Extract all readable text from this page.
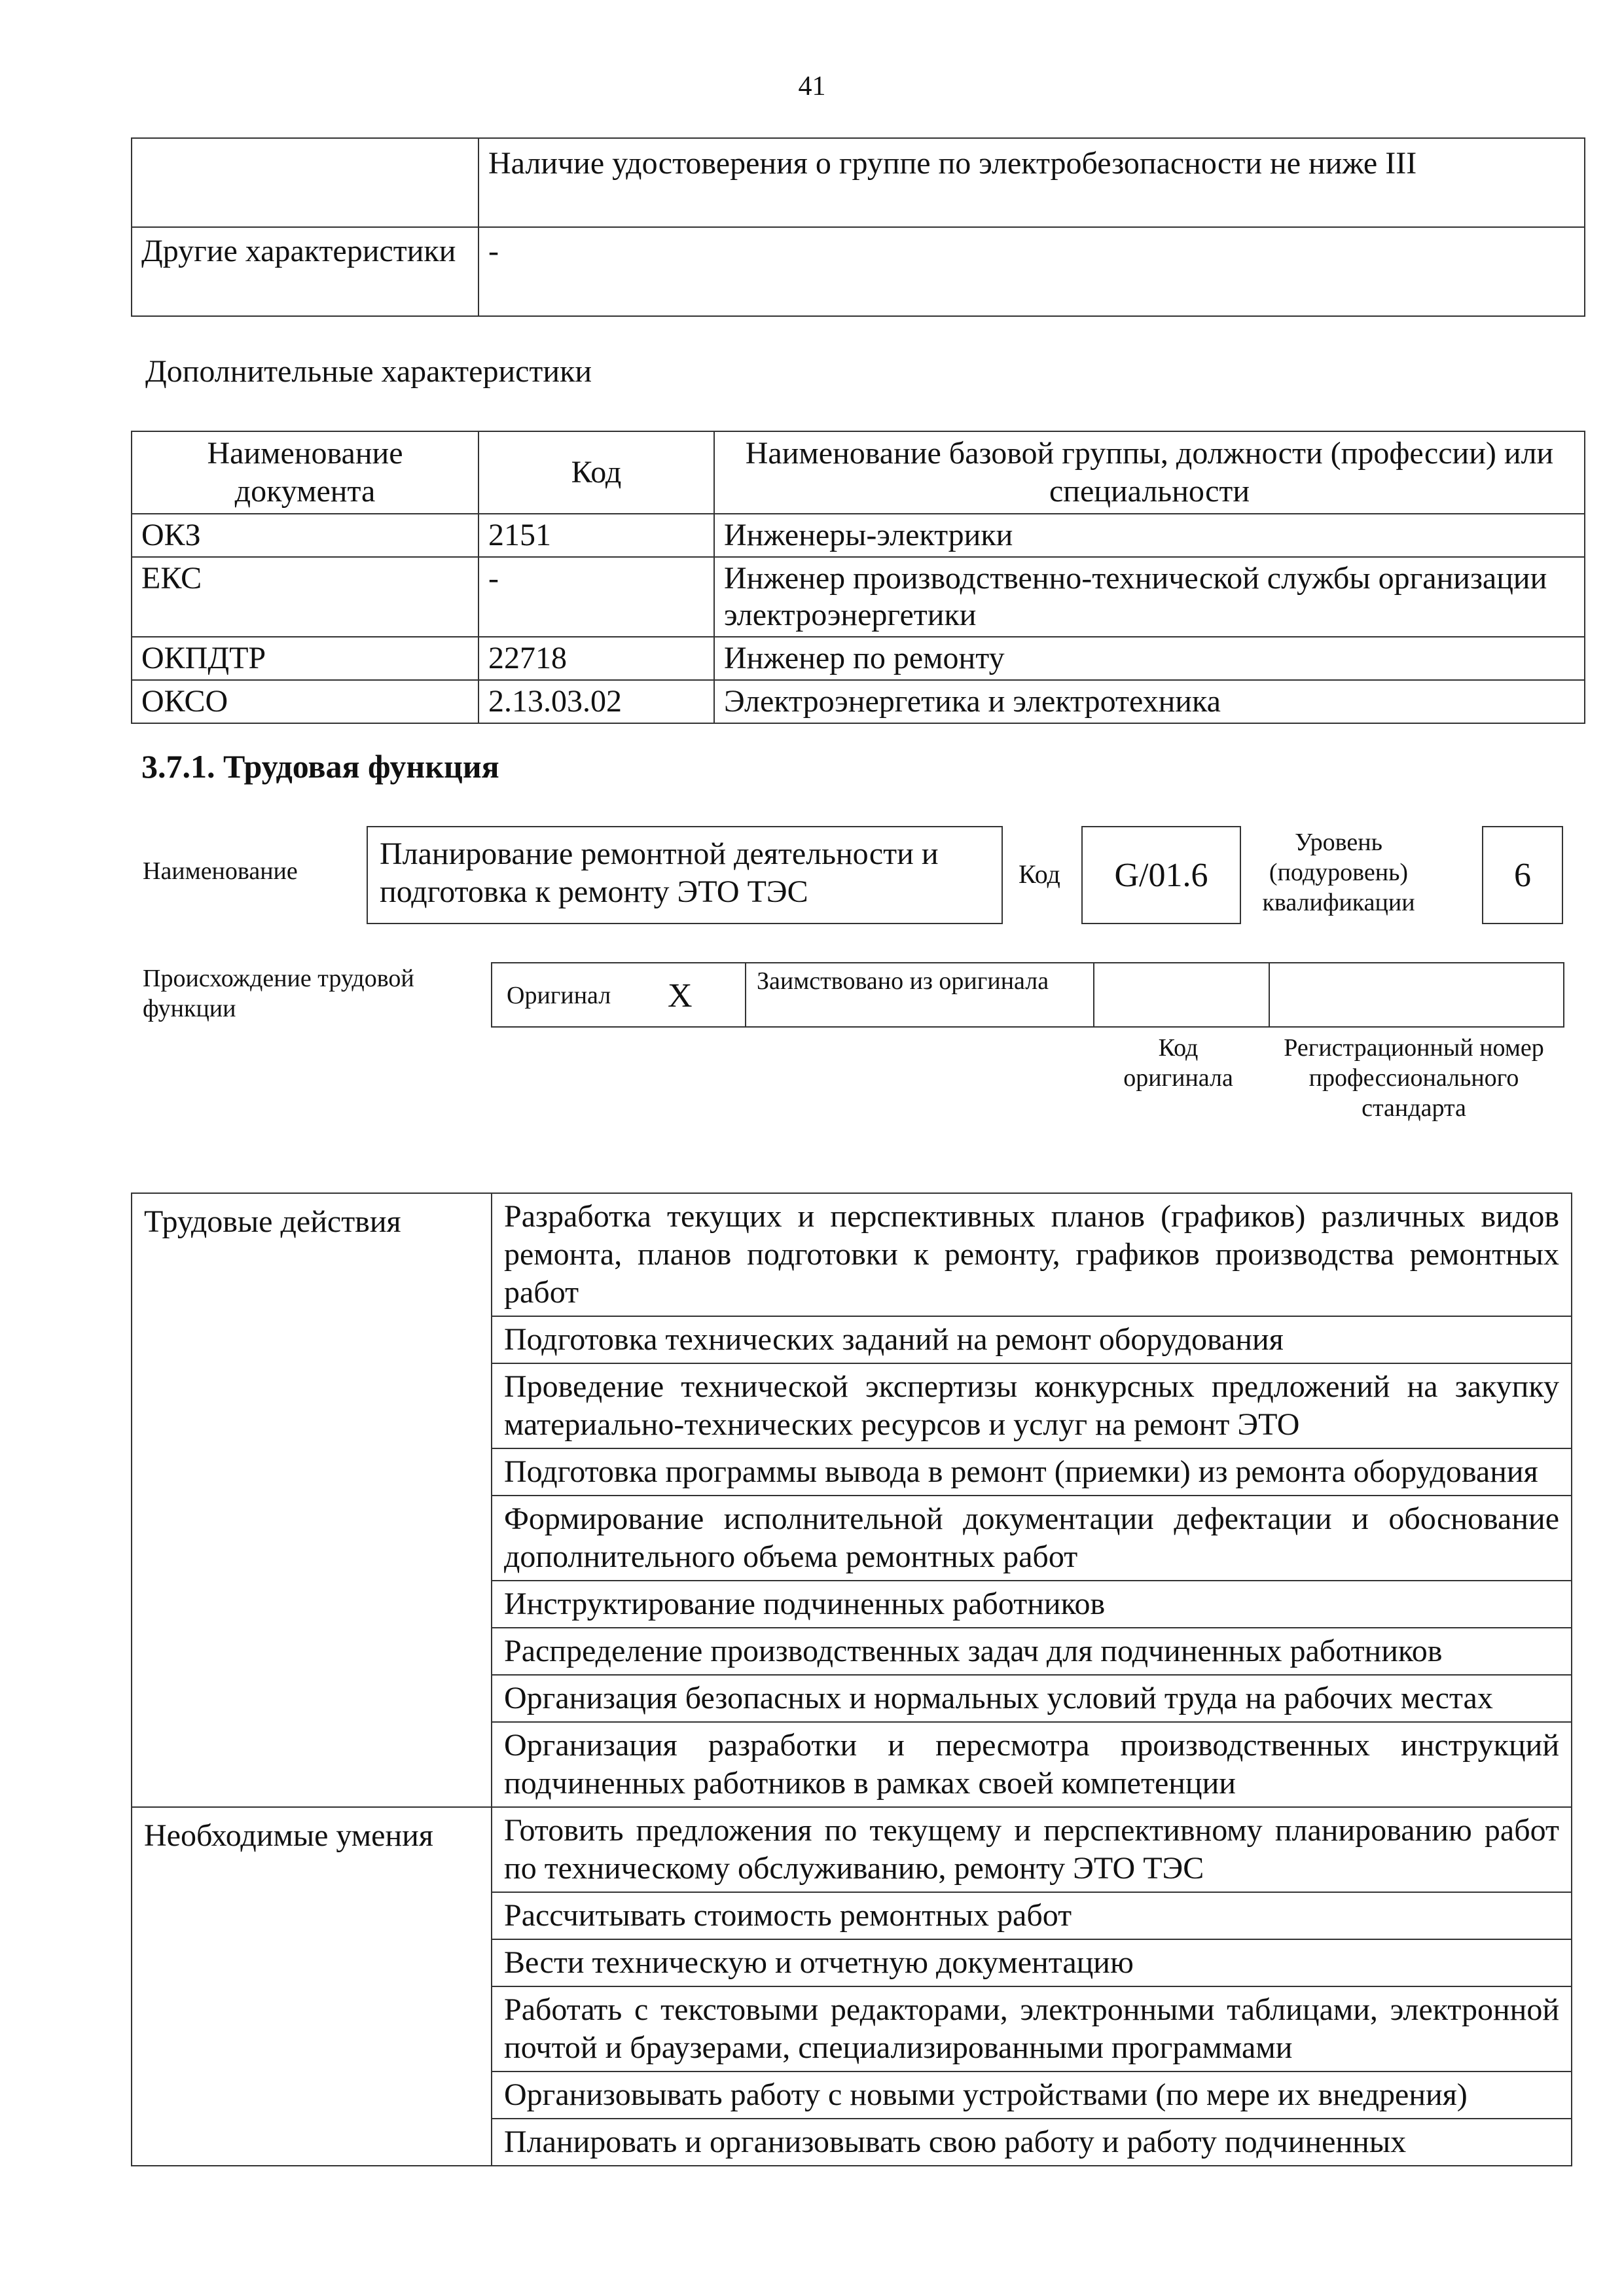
41
	Наличие удостоверения о группе по электробезопасности не ниже III
Другие характеристики	-
Дополнительные характеристики
Наименование документа	Код	Наименование базовой группы, должности (профессии) или специальности
ОКЗ	2151	Инженеры-электрики
ЕКС	-	Инженер производственно-технической службы организации электроэнергетики
ОКПДТР	22718	Инженер по ремонту
ОКСО	2.13.03.02	Электроэнергетика и электротехника
3.7.1. Трудовая функция
Наименование	Планирование ремонтной деятельности и подготовка к ремонту ЭТО ТЭС
Код G/01.6
Уровень (подуровень) квалификации
6
Происхождение трудовой функции	Оригинал X	Заимствовано из оригинала
Код оригинала
Регистрационный номер профессионального стандарта
Трудовые действия	Разработка текущих и перспективных планов (графиков) различных видов ремонта, планов подготовки к ремонту, графиков производства ремонтных работ
	Подготовка технических заданий на ремонт оборудования
	Проведение технической экспертизы конкурсных предложений на закупку материально-технических ресурсов и услуг на ремонт ЭТО
	Подготовка программы вывода в ремонт (приемки) из ремонта оборудования
	Формирование исполнительной документации дефектации и обоснование дополнительного объема ремонтных работ
	Инструктирование подчиненных работников
	Распределение производственных задач для подчиненных работников
	Организация безопасных и нормальных условий труда на рабочих местах
	Организация разработки и пересмотра производственных инструкций подчиненных работников в рамках своей компетенции
Необходимые умения	Готовить предложения по текущему и перспективному планированию работ по техническому обслуживанию, ремонту ЭТО ТЭС
	Рассчитывать стоимость ремонтных работ
	Вести техническую и отчетную документацию
	Работать с текстовыми редакторами, электронными таблицами, электронной почтой и браузерами, специализированными программами
	Организовывать работу с новыми устройствами (по мере их внедрения)
	Планировать и организовывать свою работу и работу подчиненных
